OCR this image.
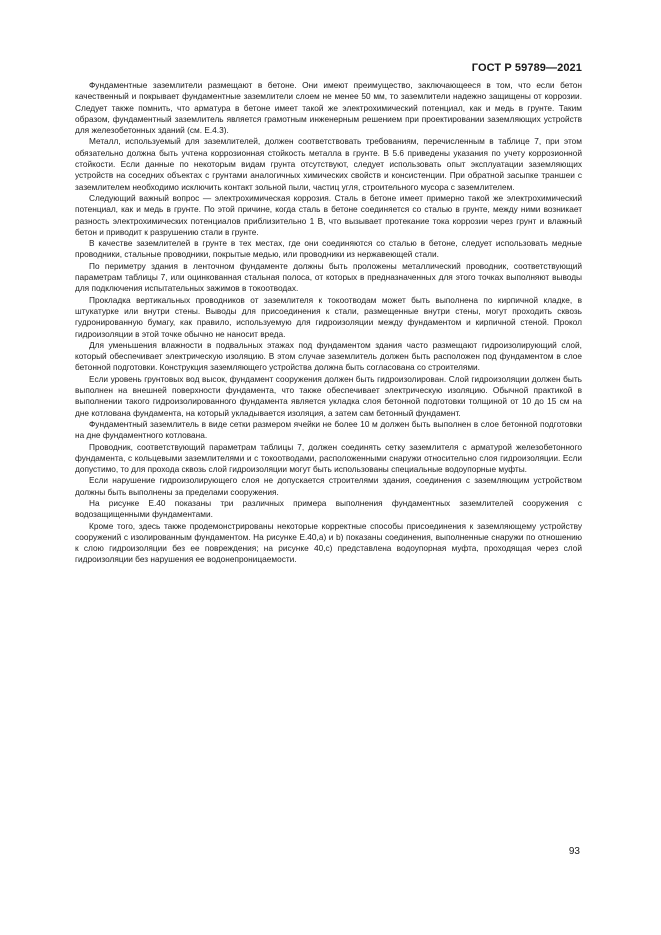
ГОСТ Р 59789—2021

Фундаментные заземлители размещают в бетоне. Они имеют преимущество, заключающееся в том, что если бетон качественный и покрывает фундаментные заземлители слоем не менее 50 мм, то заземлители надежно защищены от коррозии. Следует также помнить, что арматура в бетоне имеет такой же электрохимический потенциал, как и медь в грунте. Таким образом, фундаментный заземлитель является грамотным инженерным решением при проектировании заземляющих устройств для железобетонных зданий (см. Е.4.3).

Металл, используемый для заземлителей, должен соответствовать требованиям, перечисленным в таблице 7, при этом обязательно должна быть учтена коррозионная стойкость металла в грунте. В 5.6 приведены указания по учету коррозионной стойкости. Если данные по некоторым видам грунта отсутствуют, следует использовать опыт эксплуатации заземляющих устройств на соседних объектах с грунтами аналогичных химических свойств и консистенции. При обратной засыпке траншеи с заземлителем необходимо исключить контакт зольной пыли, частиц угля, строительного мусора с заземлителем.

Следующий важный вопрос — электрохимическая коррозия. Сталь в бетоне имеет примерно такой же электрохимический потенциал, как и медь в грунте. По этой причине, когда сталь в бетоне соединяется со сталью в грунте, между ними возникает разность электрохимических потенциалов приблизительно 1 В, что вызывает протекание тока коррозии через грунт и влажный бетон и приводит к разрушению стали в грунте.

В качестве заземлителей в грунте в тех местах, где они соединяются со сталью в бетоне, следует использовать медные проводники, стальные проводники, покрытые медью, или проводники из нержавеющей стали.

По периметру здания в ленточном фундаменте должны быть проложены металлический проводник, соответствующий параметрам таблицы 7, или оцинкованная стальная полоса, от которых в предназначенных для этого точках выполняют выводы для подключения испытательных зажимов в токоотводах.

Прокладка вертикальных проводников от заземлителя к токоотводам может быть выполнена по кирпичной кладке, в штукатурке или внутри стены. Выводы для присоединения к стали, размещенные внутри стены, могут проходить сквозь гудронированную бумагу, как правило, используемую для гидроизоляции между фундаментом и кирпичной стеной. Прокол гидроизоляции в этой точке обычно не наносит вреда.

Для уменьшения влажности в подвальных этажах под фундаментом здания часто размещают гидроизолирующий слой, который обеспечивает электрическую изоляцию. В этом случае заземлитель должен быть расположен под фундаментом в слое бетонной подготовки. Конструкция заземляющего устройства должна быть согласована со строителями.

Если уровень грунтовых вод высок, фундамент сооружения должен быть гидроизолирован. Слой гидроизоляции должен быть выполнен на внешней поверхности фундамента, что также обеспечивает электрическую изоляцию. Обычной практикой в выполнении такого гидроизолированного фундамента является укладка слоя бетонной подготовки толщиной от 10 до 15 см на дне котлована фундамента, на который укладывается изоляция, а затем сам бетонный фундамент.

Фундаментный заземлитель в виде сетки размером ячейки не более 10 м должен быть выполнен в слое бетонной подготовки на дне фундаментного котлована.

Проводник, соответствующий параметрам таблицы 7, должен соединять сетку заземлителя с арматурой железобетонного фундамента, с кольцевыми заземлителями и с токоотводами, расположенными снаружи относительно слоя гидроизоляции. Если допустимо, то для прохода сквозь слой гидроизоляции могут быть использованы специальные водоупорные муфты.

Если нарушение гидроизолирующего слоя не допускается строителями здания, соединения с заземляющим устройством должны быть выполнены за пределами сооружения.

На рисунке Е.40 показаны три различных примера выполнения фундаментных заземлителей сооружения с водозащищенными фундаментами.

Кроме того, здесь также продемонстрированы некоторые корректные способы присоединения к заземляющему устройству сооружений с изолированным фундаментом. На рисунке Е.40,а) и b) показаны соединения, выполненные снаружи по отношению к слою гидроизоляции без ее повреждения; на рисунке 40,с) представлена водоупорная муфта, проходящая через слой гидроизоляции без нарушения ее водонепроницаемости.

93
